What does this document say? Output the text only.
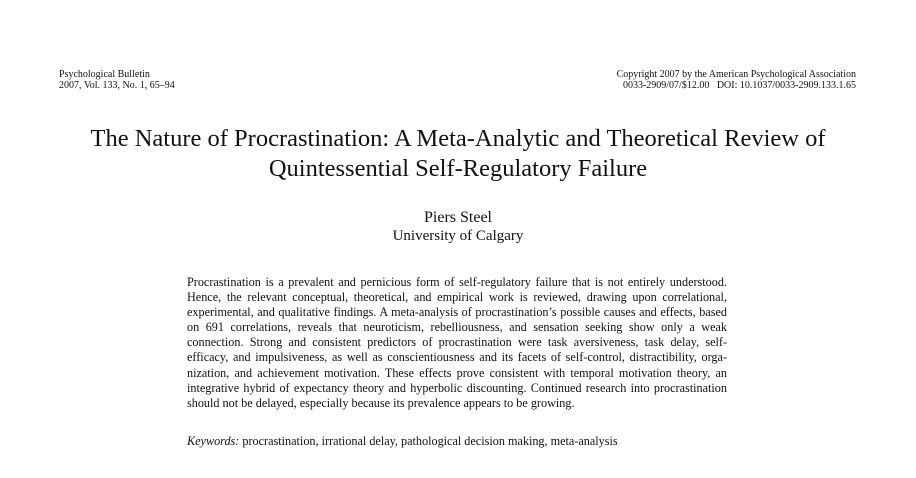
Psychological Bulletin
2007, Vol. 133, No. 1, 65–94
Copyright 2007 by the American Psychological Association
0033-2909/07/$12.00   DOI: 10.1037/0033-2909.133.1.65
The Nature of Procrastination: A Meta-Analytic and Theoretical Review of
Quintessential Self-Regulatory Failure
Piers Steel
University of Calgary
Procrastination is a prevalent and pernicious form of self-regulatory failure that is not entirely understood.
Hence, the relevant conceptual, theoretical, and empirical work is reviewed, drawing upon correlational,
experimental, and qualitative findings. A meta-analysis of procrastination’s possible causes and effects, based
on 691 correlations, reveals that neuroticism, rebelliousness, and sensation seeking show only a weak
connection. Strong and consistent predictors of procrastination were task aversiveness, task delay, self-
efficacy, and impulsiveness, as well as conscientiousness and its facets of self-control, distractibility, orga-
nization, and achievement motivation. These effects prove consistent with temporal motivation theory, an
integrative hybrid of expectancy theory and hyperbolic discounting. Continued research into procrastination
should not be delayed, especially because its prevalence appears to be growing.
Keywords: procrastination, irrational delay, pathological decision making, meta-analysis
